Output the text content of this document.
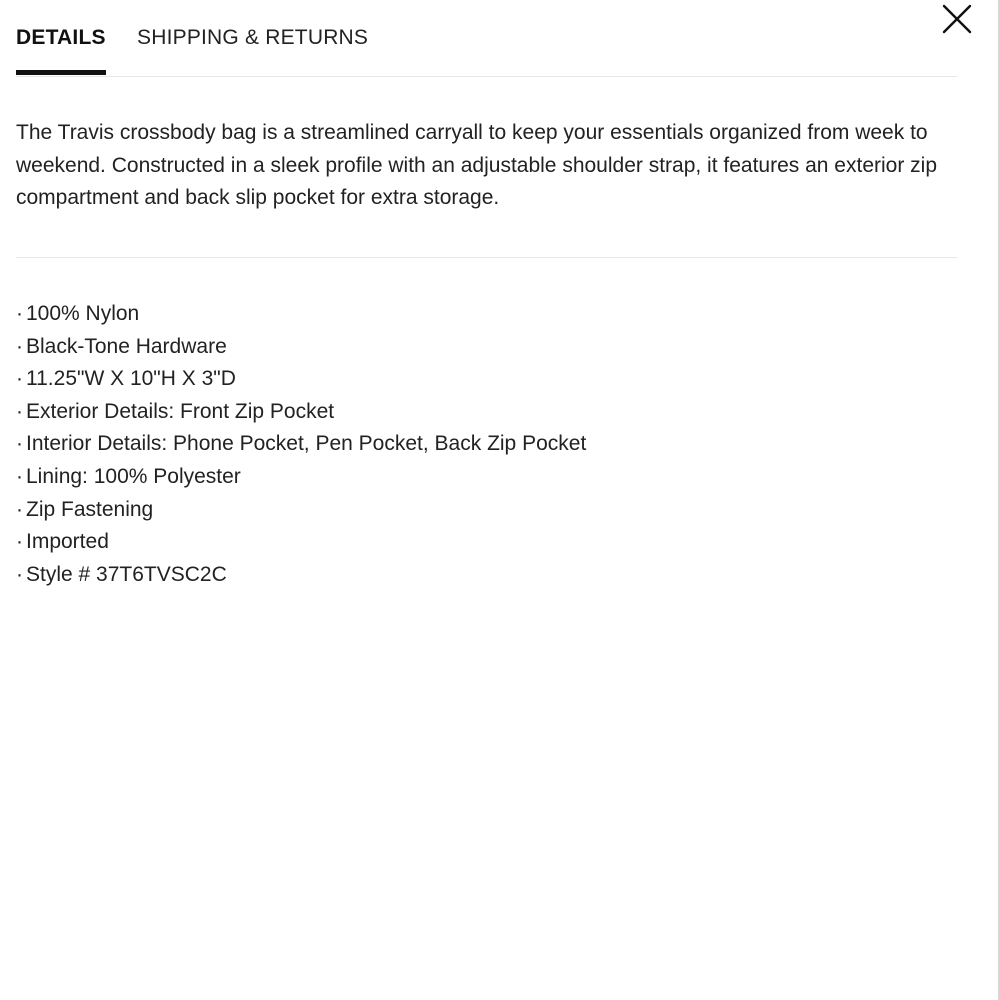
DETAILS SHIPPING & RETURNS
The Travis crossbody bag is a streamlined carryall to keep your essentials organized from week to weekend. Constructed in a sleek profile with an adjustable shoulder strap, it features an exterior zip compartment and back slip pocket for extra storage.
· 100% Nylon
· Black-Tone Hardware
· 11.25"W X 10"H X 3"D
· Exterior Details: Front Zip Pocket
· Interior Details: Phone Pocket, Pen Pocket, Back Zip Pocket
· Lining: 100% Polyester
· Zip Fastening
· Imported
· Style # 37T6TVSC2C
